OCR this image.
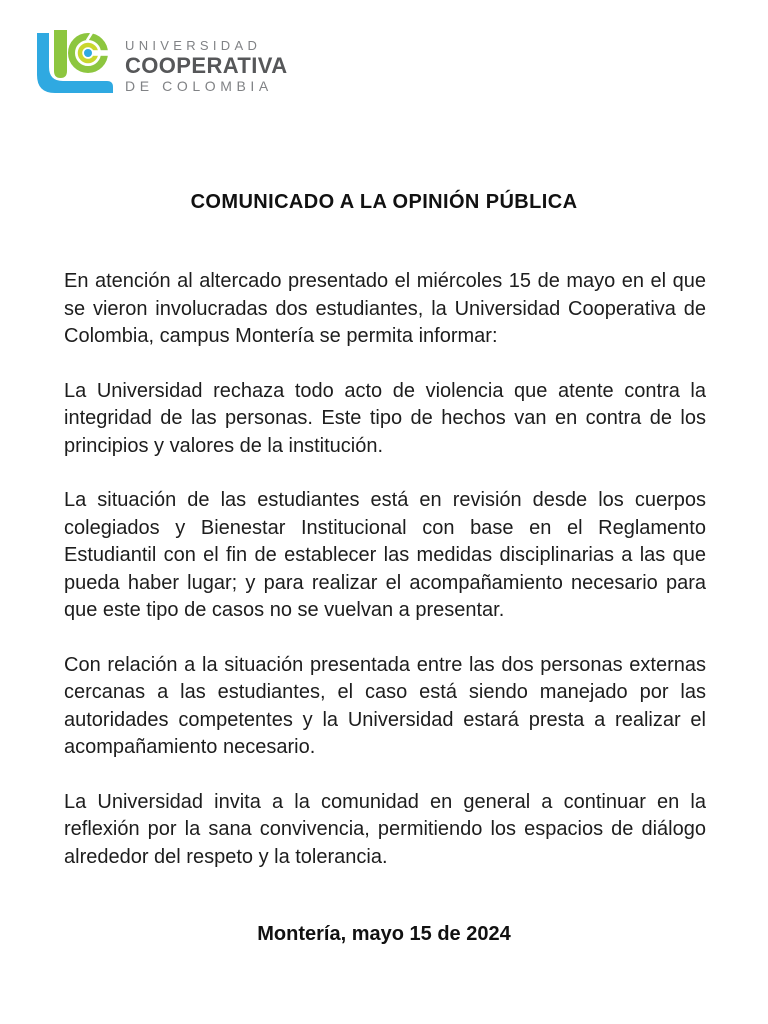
UNIVERSIDAD
COOPERATIVA
DE COLOMBIA
COMUNICADO A LA OPINIÓN PÚBLICA

En atención al altercado presentado el miércoles 15 de mayo en el que se vieron involucradas dos estudiantes, la Universidad Cooperativa de Colombia, campus Montería se permita informar:

La Universidad rechaza todo acto de violencia que atente contra la integridad de las personas. Este tipo de hechos van en contra de los principios y valores de la institución.

La situación de las estudiantes está en revisión desde los cuerpos colegiados y Bienestar Institucional con base en el Reglamento Estudiantil con el fin de establecer las medidas disciplinarias a las que pueda haber lugar; y para realizar el acompañamiento necesario para que este tipo de casos no se vuelvan a presentar.

Con relación a la situación presentada entre las dos personas externas cercanas a las estudiantes, el caso está siendo manejado por las autoridades competentes y la Universidad estará presta a realizar el acompañamiento necesario.

La Universidad invita a la comunidad en general a continuar en la reflexión por la sana convivencia, permitiendo los espacios de diálogo alrededor del respeto y la tolerancia.

Montería, mayo 15 de 2024
